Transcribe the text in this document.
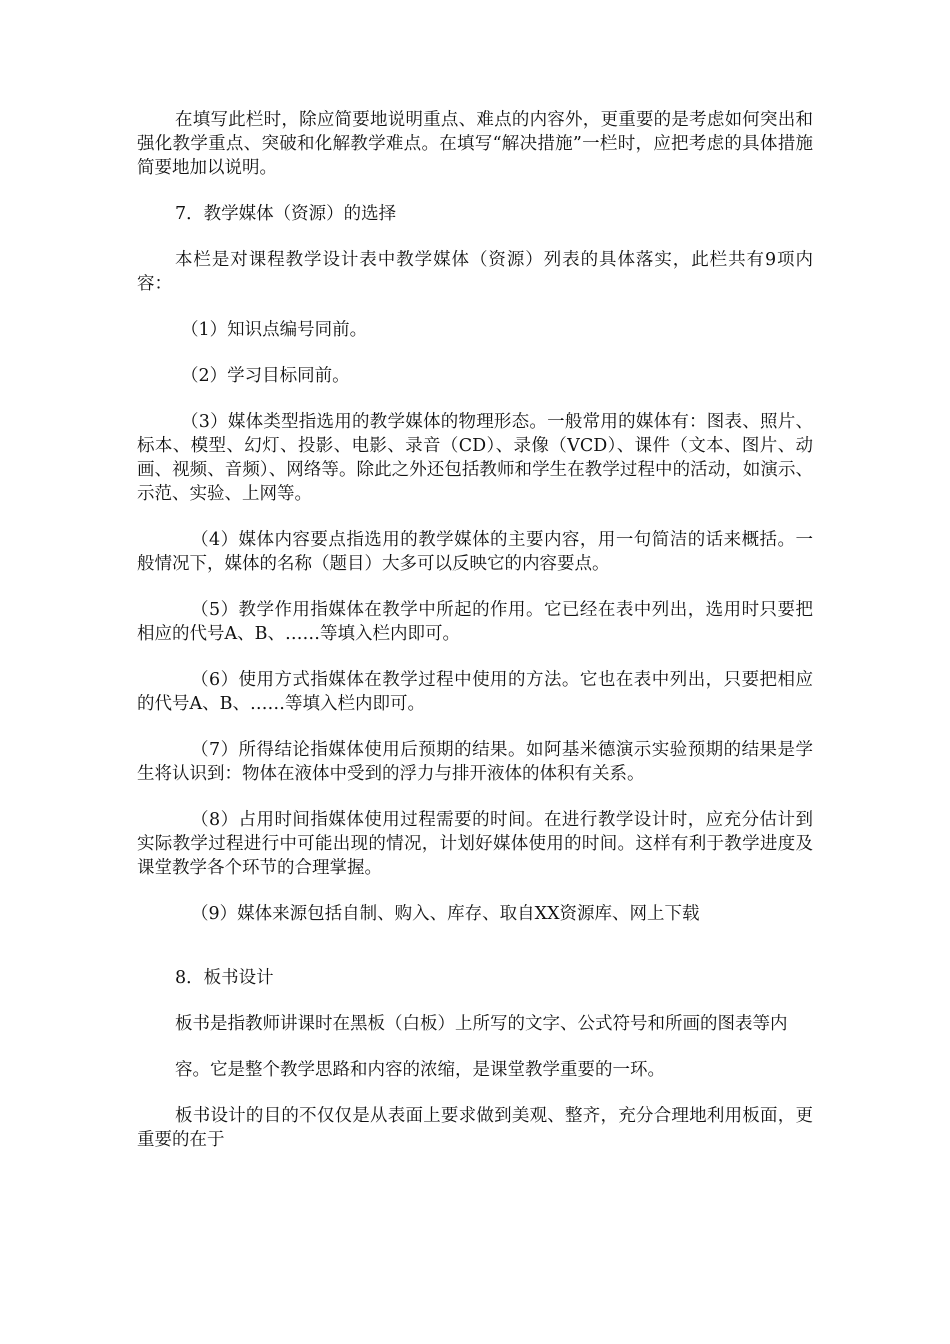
在填写此栏时，除应简要地说明重点、难点的内容外，更重要的是考虑如何突出和强化教学重点、突破和化解教学难点。在填写“解决措施”一栏时，应把考虑的具体措施简要地加以说明。

7．教学媒体（资源）的选择

本栏是对课程教学设计表中教学媒体（资源）列表的具体落实，此栏共有9项内容：

（1）知识点编号同前。

（2）学习目标同前。

（3）媒体类型指选用的教学媒体的物理形态。一般常用的媒体有：图表、照片、标本、模型、幻灯、投影、电影、录音（CD）、录像（VCD）、课件（文本、图片、动画、视频、音频）、网络等。除此之外还包括教师和学生在教学过程中的活动，如演示、示范、实验、上网等。

（4）媒体内容要点指选用的教学媒体的主要内容，用一句简洁的话来概括。一般情况下，媒体的名称（题目）大多可以反映它的内容要点。

（5）教学作用指媒体在教学中所起的作用。它已经在表中列出，选用时只要把相应的代号A、B、……等填入栏内即可。

（6）使用方式指媒体在教学过程中使用的方法。它也在表中列出，只要把相应的代号A、B、……等填入栏内即可。

（7）所得结论指媒体使用后预期的结果。如阿基米德演示实验预期的结果是学生将认识到：物体在液体中受到的浮力与排开液体的体积有关系。

（8）占用时间指媒体使用过程需要的时间。在进行教学设计时，应充分估计到实际教学过程进行中可能出现的情况，计划好媒体使用的时间。这样有利于教学进度及课堂教学各个环节的合理掌握。

（9）媒体来源包括自制、购入、库存、取自XX资源库、网上下载

8．板书设计

板书是指教师讲课时在黑板（白板）上所写的文字、公式符号和所画的图表等内

容。它是整个教学思路和内容的浓缩，是课堂教学重要的一环。

板书设计的目的不仅仅是从表面上要求做到美观、整齐，充分合理地利用板面，更重要的在于
